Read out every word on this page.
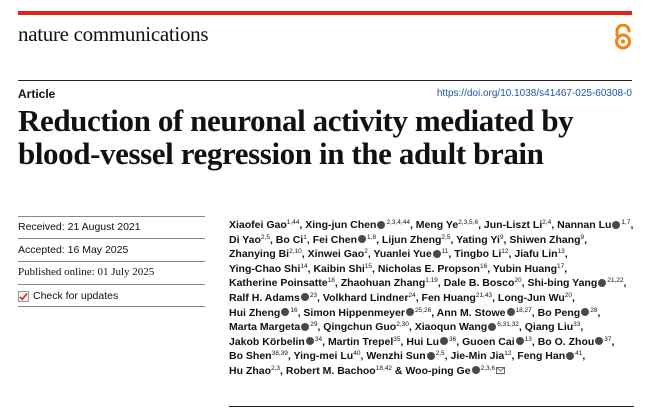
nature communications
Article	https://doi.org/10.1038/s41467-025-60308-0
Reduction of neuronal activity mediated by blood-vessel regression in the adult brain
Received: 21 August 2021
Accepted: 16 May 2025
Published online: 01 July 2025
Check for updates
Xiaofei Gao$^{1,44}$, Xing-jun Chen $^{2,3,4,44}$, Meng Ye$^{2,3,5,6}$, Jun-Liszt Li$^{2,4}$, Nannan Lu $^{1,7}$, Di Yao$^{2,5}$, Bo Ci$^1$, Fei Chen $^{1,8}$, Lijun Zheng$^{2,5}$, Yating Yi$^9$, Shiwen Zhang$^9$, Zhanying Bi$^{2,10}$, Xinwei Gao$^2$, Yuanlei Yue $^{11}$, Tingbo Li$^{12}$, Jiafu Lin$^{13}$, Ying-Chao Shi$^{14}$, Kaibin Shi$^{15}$, Nicholas E. Propson$^{16}$, Yubin Huang$^{17}$, Katherine Poinsatte$^{18}$, Zhaohuan Zhang$^{1,19}$, Dale B. Bosco$^{20}$, Shi-bing Yang $^{21,22}$, Ralf H. Adams $^{23}$, Volkhard Lindner$^{24}$, Fen Huang$^{21,43}$, Long-Jun Wu$^{20}$, Hui Zheng $^{16}$, Simon Hippenmeyer $^{25,26}$, Ann M. Stowe $^{18,27}$, Bo Peng $^{28}$, Marta Margeta $^{29}$, Qingchun Guo$^{2,30}$, Xiaoqun Wang $^{6,31,32}$, Qiang Liu$^{33}$, Jakob Körbelin $^{34}$, Martin Trepel$^{35}$, Hui Lu $^{36}$, Guoen Cai $^{13}$, Bo O. Zhou $^{37}$, Bo Shen$^{38,39}$, Ying-mei Lu$^{40}$, Wenzhi Sun $^{2,5}$, Jie-Min Jia$^{12}$, Feng Han $^{41}$, Hu Zhao$^{2,3}$, Robert M. Bachoo$^{18,42}$ & Woo-ping Ge $^{2,3,6}$
